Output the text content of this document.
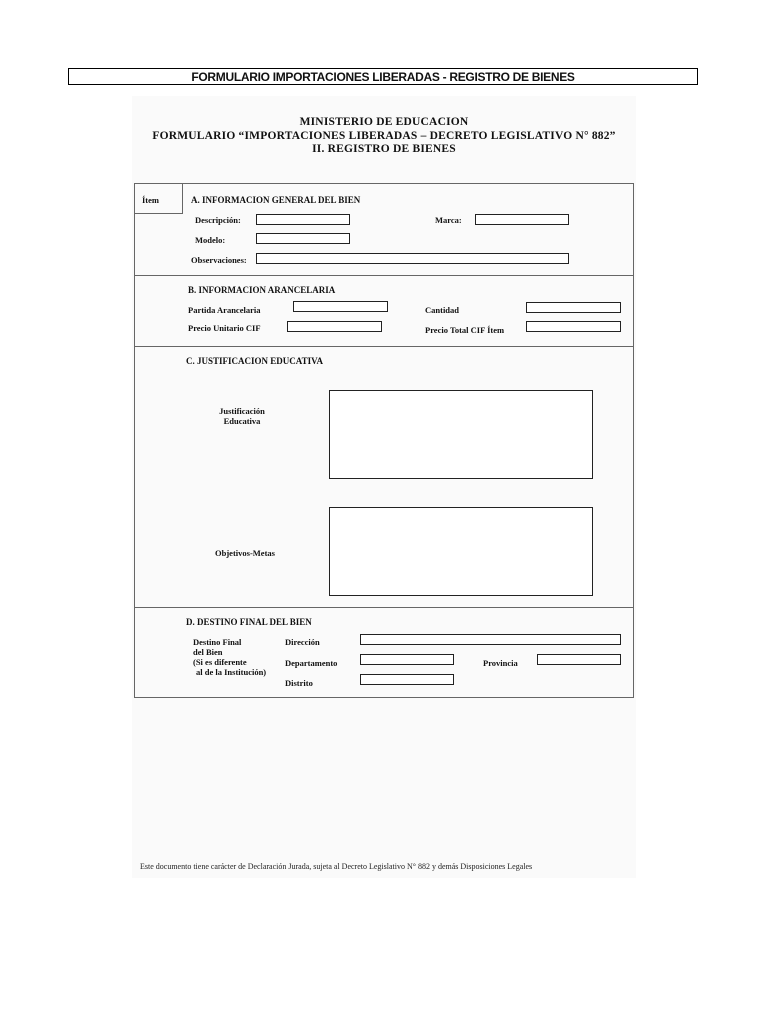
FORMULARIO IMPORTACIONES LIBERADAS - REGISTRO DE BIENES
MINISTERIO DE EDUCACION
FORMULARIO “IMPORTACIONES LIBERADAS – DECRETO LEGISLATIVO N° 882”
II. REGISTRO DE BIENES
Ítem	A. INFORMACION GENERAL DEL BIEN
Descripción:	Marca:
Modelo:
Observaciones:
B. INFORMACION ARANCELARIA
Partida Arancelaria	Cantidad
Precio Unitario CIF	Precio Total CIF Ítem
C. JUSTIFICACION EDUCATIVA
Justificación
Educativa
Objetivos-Metas
D. DESTINO FINAL DEL BIEN
Destino Final
del Bien
(Si es diferente
al de la Institución)
Dirección
Departamento	Provincia
Distrito
Este documento tiene carácter de Declaración Jurada, sujeta al Decreto Legislativo N° 882 y demás Disposiciones Legales
